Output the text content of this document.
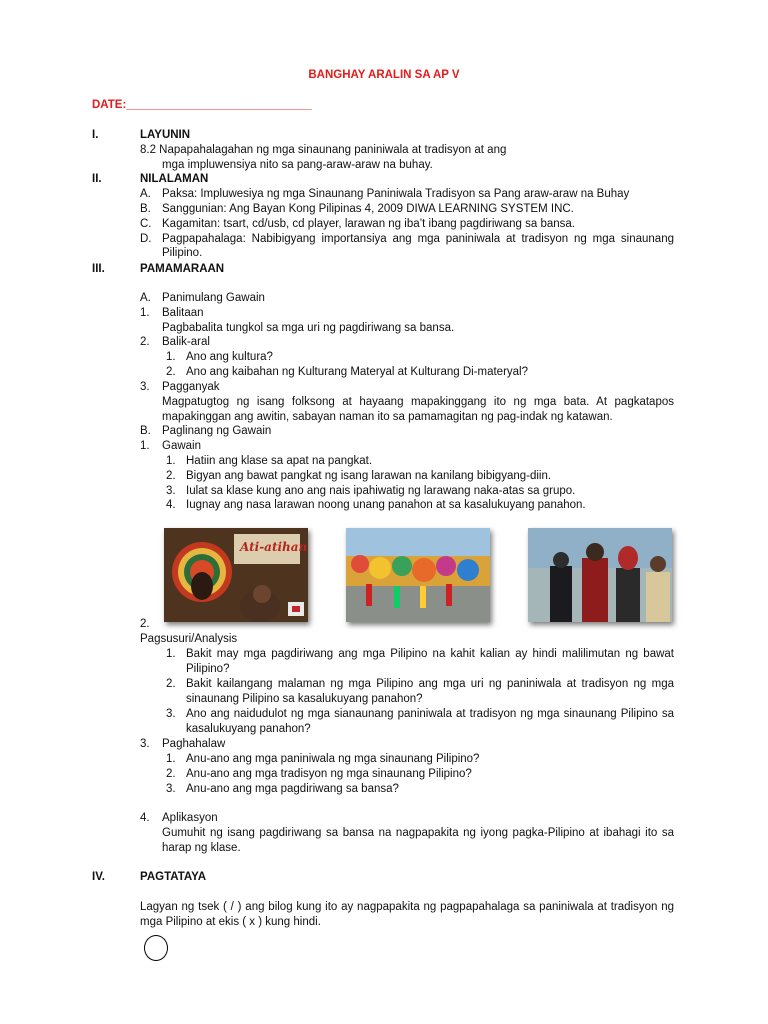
BANGHAY ARALIN SA AP V
DATE:_____________________________
I.	LAYUNIN
8.2 Napapahalagahan ng mga sinaunang paniniwala at tradisyon at ang
mga impluwensiya nito sa pang-araw-araw na buhay.
II.	NILALAMAN
A. Paksa: Impluwesiya ng mga Sinaunang Paniniwala Tradisyon sa Pang araw-araw na Buhay
B. Sanggunian: Ang Bayan Kong Pilipinas 4, 2009 DIWA LEARNING SYSTEM INC.
C. Kagamitan: tsart, cd/usb, cd player, larawan ng iba’t ibang pagdiriwang sa bansa.
D. Pagpapahalaga: Nabibigyang importansiya ang mga paniniwala at tradisyon ng mga sinaunang
Pilipino.
III.	PAMAMARAAN
A. Panimulang Gawain
1. Balitaan
Pagbabalita tungkol sa mga uri ng pagdiriwang sa bansa.
2. Balik-aral
1. Ano ang kultura?
2. Ano ang kaibahan ng Kulturang Materyal at Kulturang Di-materyal?
3. Pagganyak
Magpatugtog ng isang folksong at hayaang mapakinggang ito ng mga bata. At pagkatapos
mapakinggan ang awitin, sabayan naman ito sa pamamagitan ng pag-indak ng katawan.
B. Paglinang ng Gawain
1. Gawain
1. Hatiin ang klase sa apat na pangkat.
2. Bigyan ang bawat pangkat ng isang larawan na kanilang bibigyang-diin.
3. Iulat sa klase kung ano ang nais ipahiwatig ng larawang naka-atas sa grupo.
4. Iugnay ang nasa larawan noong unang panahon at sa kasalukuyang panahon.
Ati-atihan
2.
Pagsusuri/Analysis
1. Bakit may mga pagdiriwang ang mga Pilipino na kahit kalian ay hindi malilimutan ng bawat
Pilipino?
2. Bakit kailangang malaman ng mga Pilipino ang mga uri ng paniniwala at tradisyon ng mga
sinaunang Pilipino sa kasalukuyang panahon?
3. Ano ang naidudulot ng mga sianaunang paniniwala at tradisyon ng mga sinaunang Pilipino sa
kasalukuyang panahon?
3. Paghahalaw
1. Anu-ano ang mga paniniwala ng mga sinaunang Pilipino?
2. Anu-ano ang mga tradisyon ng mga sinaunang Pilipino?
3. Anu-ano ang mga pagdiriwang sa bansa?
4. Aplikasyon
Gumuhit ng isang pagdiriwang sa bansa na nagpapakita ng iyong pagka-Pilipino at ibahagi ito sa
harap ng klase.
IV.	PAGTATAYA
Lagyan ng tsek ( / ) ang bilog kung ito ay nagpapakita ng pagpapahalaga sa paniniwala at tradisyon ng
mga Pilipino at ekis ( x ) kung hindi.
